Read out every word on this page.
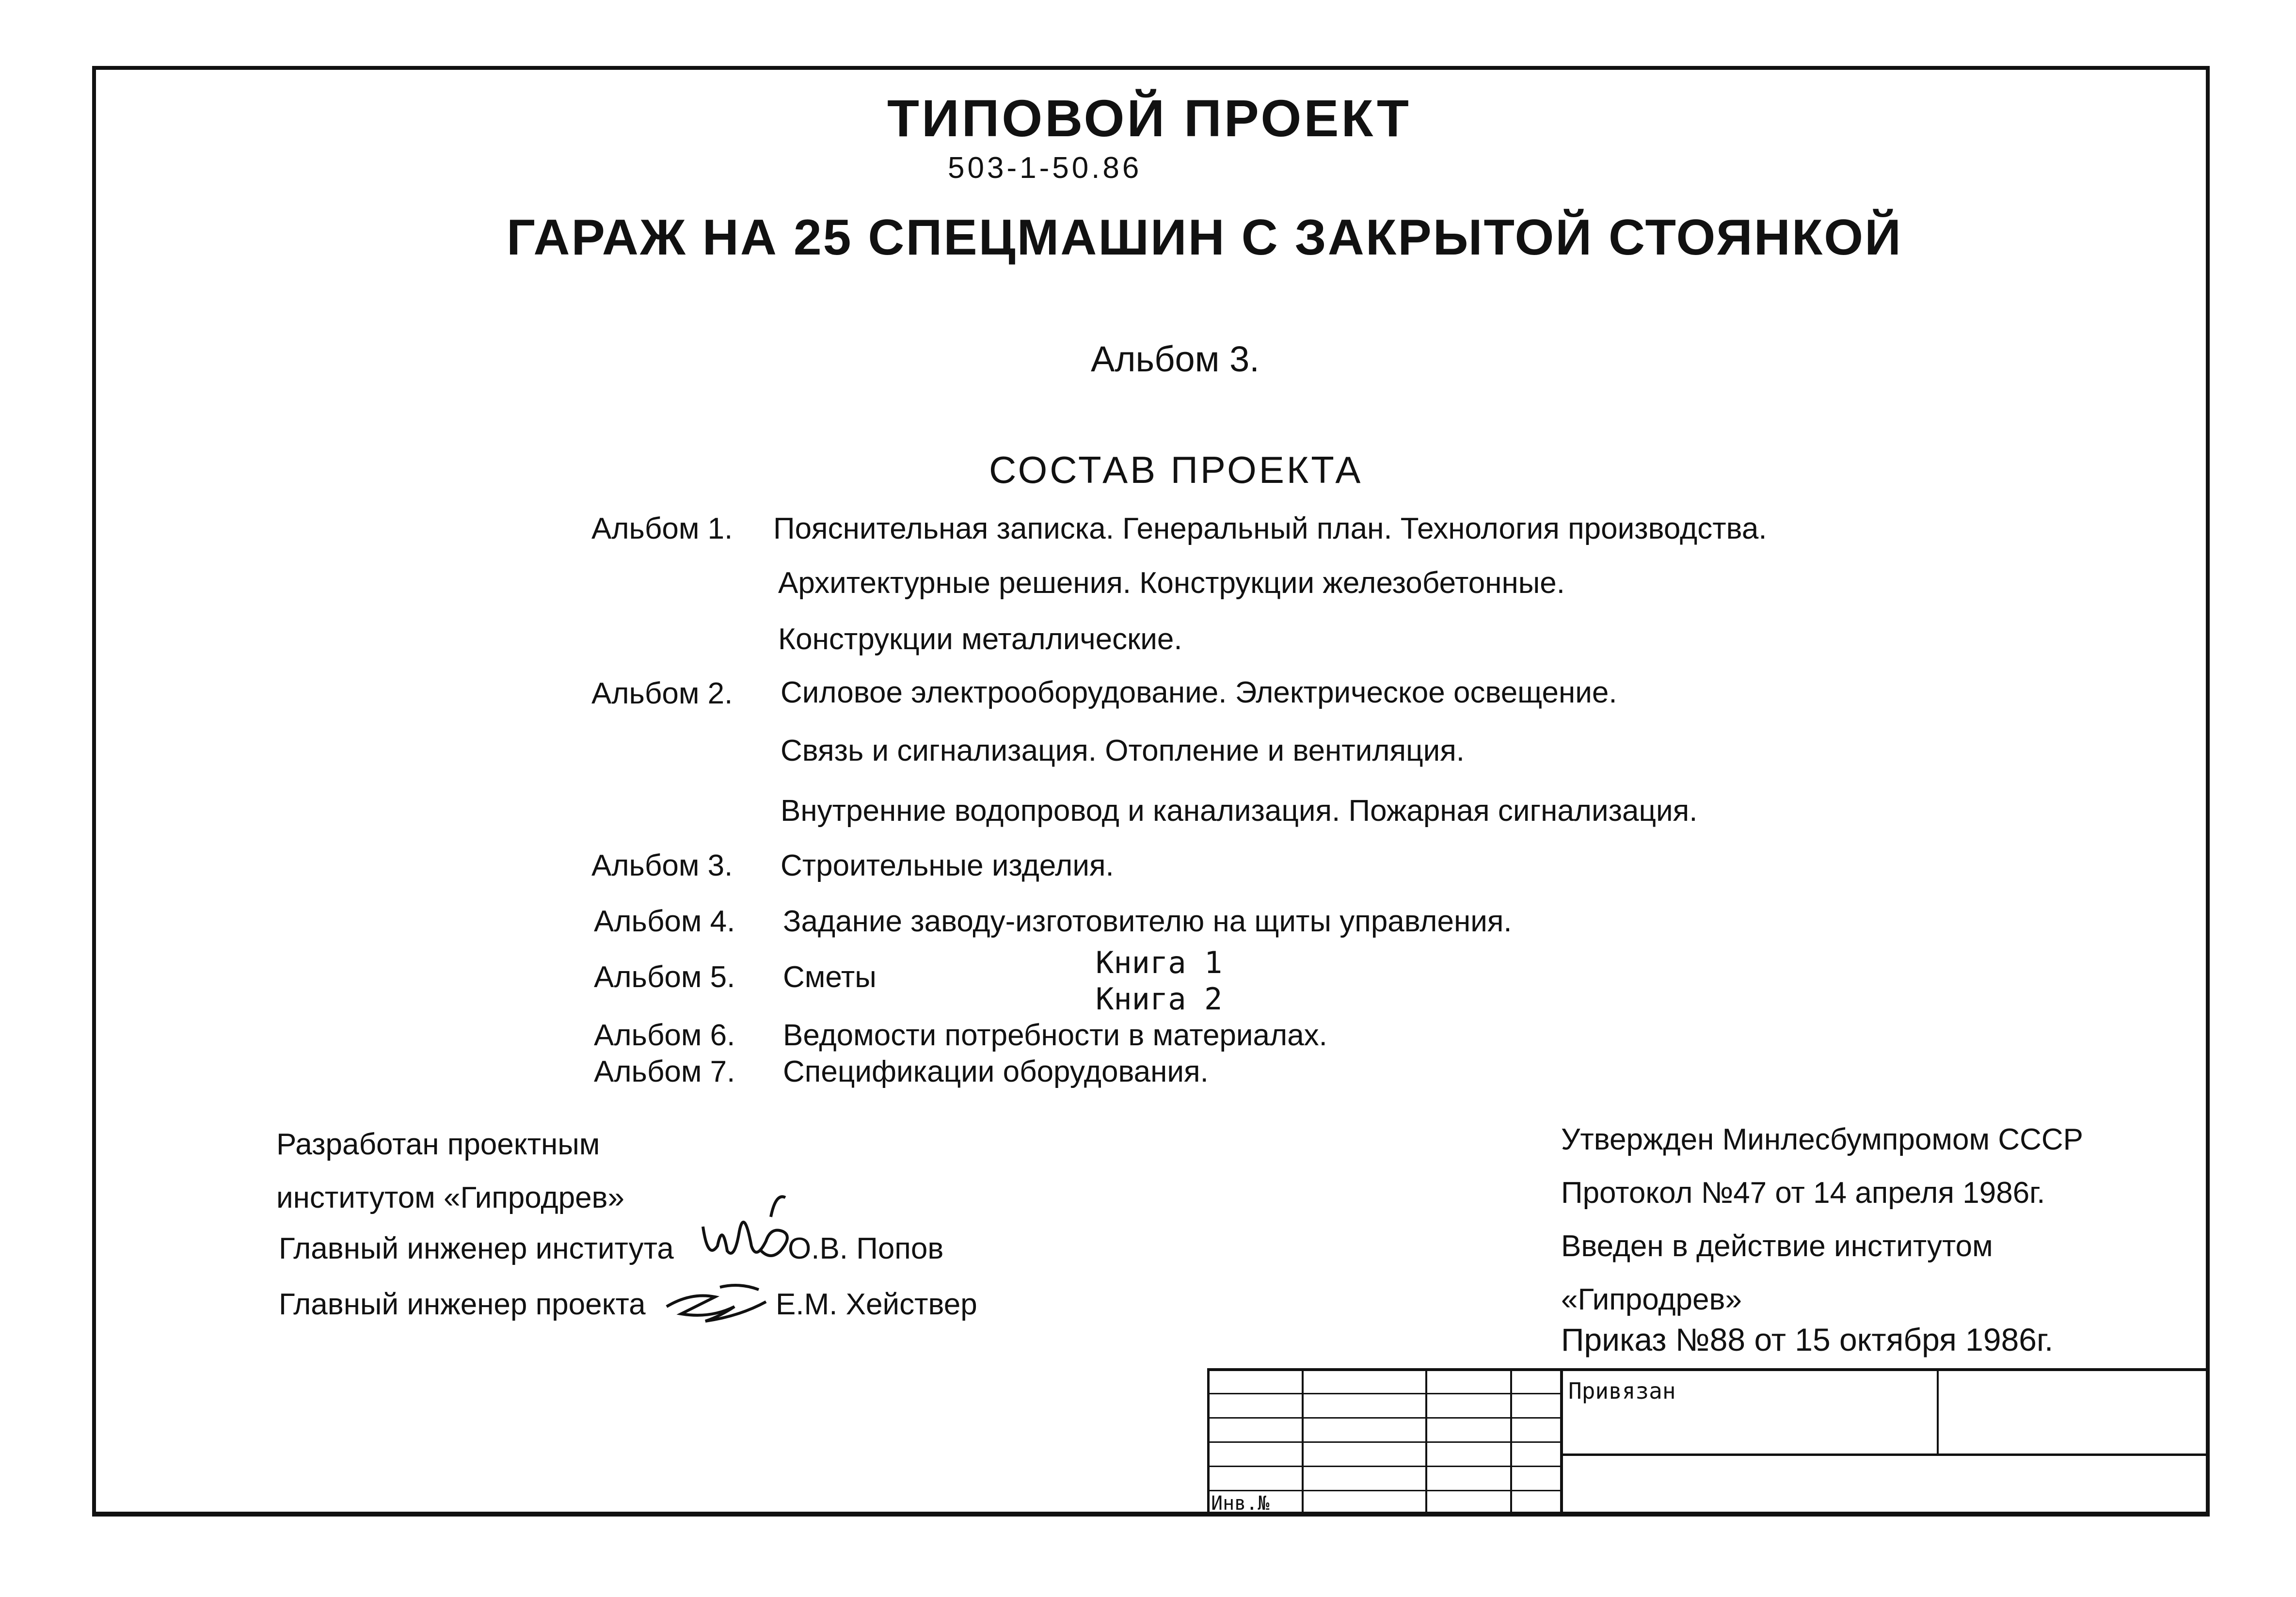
ТИПОВОЙ ПРОЕКТ
503-1-50.86
ГАРАЖ НА 25 СПЕЦМАШИН С ЗАКРЫТОЙ СТОЯНКОЙ
Альбом 3.
СОСТАВ ПРОЕКТА
Альбом 1. Пояснительная записка. Генеральный план. Технология производства.
Архитектурные решения. Конструкции железобетонные.
Конструкции металлические.
Альбом 2. Силовое электрооборудование. Электрическое освещение.
Связь и сигнализация. Отопление и вентиляция.
Внутренние водопровод и канализация. Пожарная сигнализация.
Альбом 3. Строительные изделия.
Альбом 4. Задание заводу-изготовителю на щиты управления.
Альбом 5. Сметы	Книга 1
Книга 2
Альбом 6. Ведомости потребности в материалах.
Альбом 7. Спецификации оборудования.
Разработан проектным
институтом «Гипродрев»
Главный инженер института	О.В. Попов
Главный инженер проекта	Е.М. Хействер
Утвержден Минлесбумпромом СССР
Протокол №47 от 14 апреля 1986г.
Введен в действие институтом
«Гипродрев»
Приказ №88 от 15 октября 1986г.
Привязан
Инв.№
